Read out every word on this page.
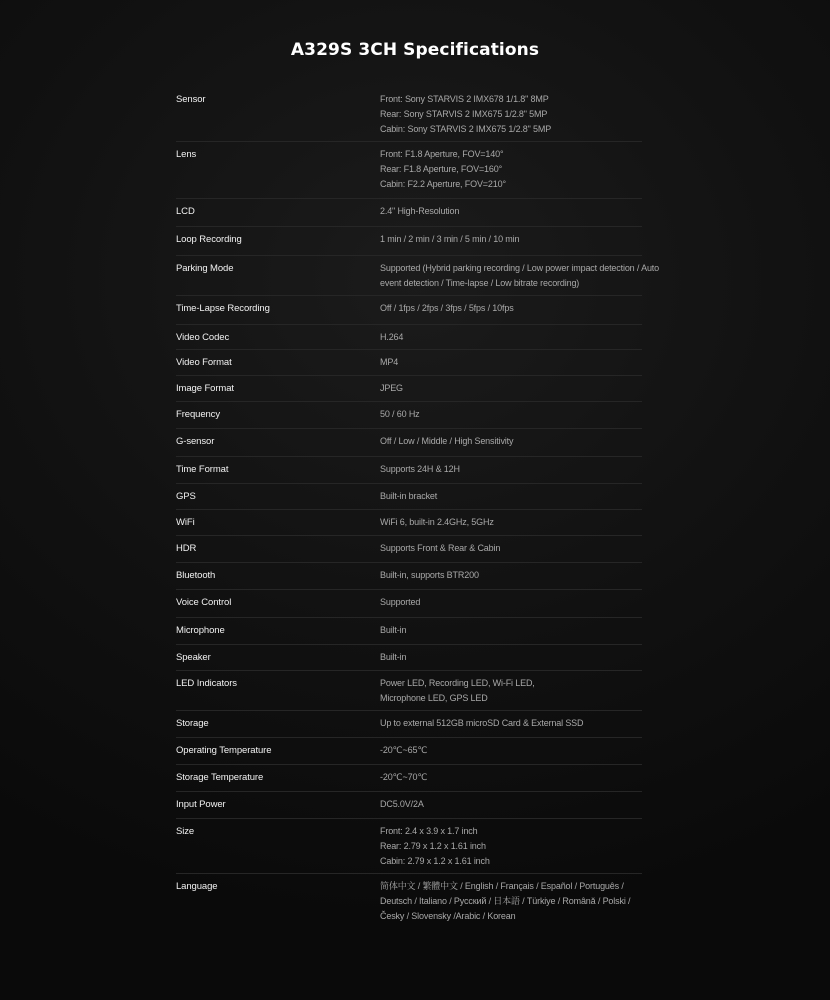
A329S 3CH Specifications
Sensor	Front: Sony STARVIS 2 IMX678 1/1.8" 8MP
Rear: Sony STARVIS 2 IMX675 1/2.8" 5MP
Cabin: Sony STARVIS 2 IMX675 1/2.8" 5MP
Lens	Front: F1.8 Aperture, FOV=140°
Rear: F1.8 Aperture, FOV=160°
Cabin: F2.2 Aperture, FOV=210°
LCD	2.4" High-Resolution
Loop Recording	1 min / 2 min / 3 min / 5 min / 10 min
Parking Mode	Supported (Hybrid parking recording / Low power impact detection / Auto
event detection / Time-lapse / Low bitrate recording)
Time-Lapse Recording	Off / 1fps / 2fps / 3fps / 5fps / 10fps
Video Codec	H.264
Video Format	MP4
Image Format	JPEG
Frequency	50 / 60 Hz
G-sensor	Off / Low / Middle / High Sensitivity
Time Format	Supports 24H & 12H
GPS	Built-in bracket
WiFi	WiFi 6, built-in 2.4GHz, 5GHz
HDR	Supports Front & Rear & Cabin
Bluetooth	Built-in, supports BTR200
Voice Control	Supported
Microphone	Built-in
Speaker	Built-in
LED Indicators	Power LED, Recording LED, Wi-Fi LED,
Microphone LED, GPS LED
Storage	Up to external 512GB microSD Card & External SSD
Operating Temperature	-20℃~65℃
Storage Temperature	-20℃~70℃
Input Power	DC5.0V/2A
Size	Front: 2.4 x 3.9 x 1.7 inch
Rear: 2.79 x 1.2 x 1.61 inch
Cabin: 2.79 x 1.2 x 1.61 inch
Language	简体中文 / 繁體中文 / English / Français / Español / Português /
Deutsch / Italiano / Русский / 日本語 / Türkiye / Română / Polski /
Česky / Slovensky /Arabic / Korean
